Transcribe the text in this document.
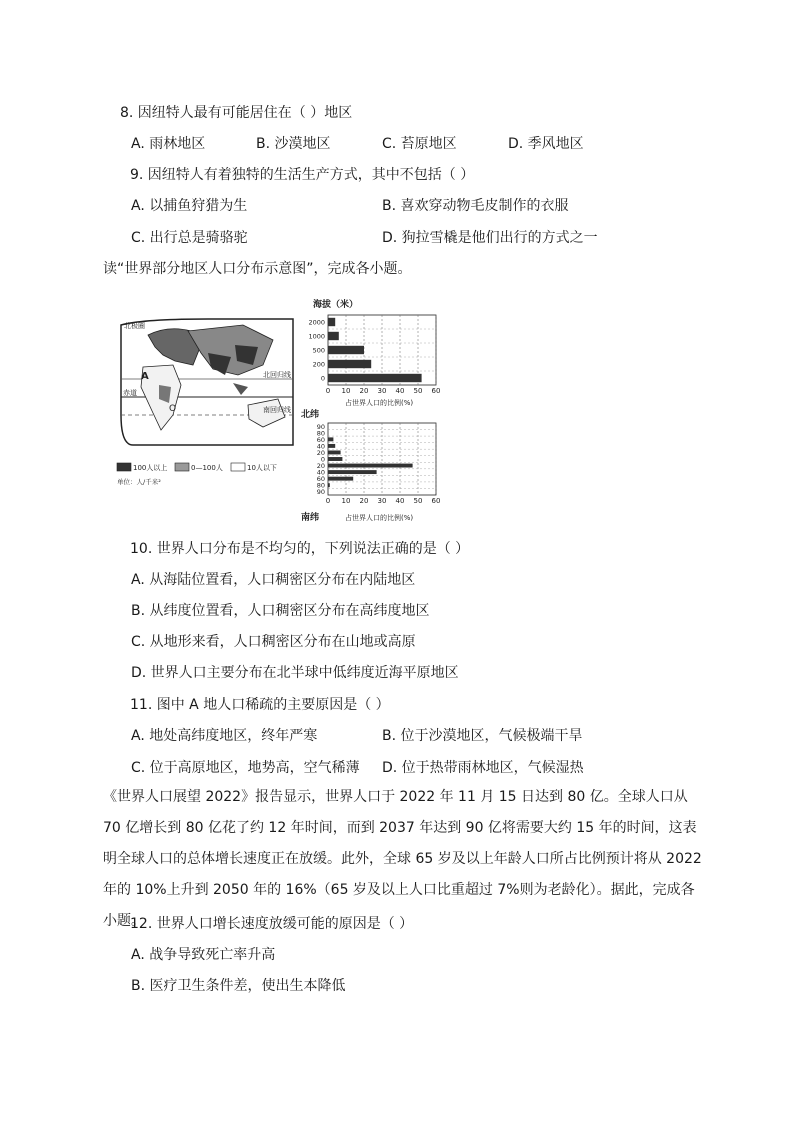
8. 因纽特人最有可能居住在（ ）地区
A. 雨林地区	B. 沙漠地区	C. 苔原地区	D. 季风地区
9. 因纽特人有着独特的生活生产方式，其中不包括（ ）
A. 以捕鱼狩猎为生	B. 喜欢穿动物毛皮制作的衣服
C. 出行总是骑骆驼	D. 狗拉雪橇是他们出行的方式之一
读“世界部分地区人口分布示意图”，完成各小题。
北极圈
北回归线
赤道
南回归线
A
O
100人以上	0—100人	10人以下
单位：人/千米²
海拔（米）
0
200
500
1000
2000
0 10 20 30 40 50 60
占世界人口的比例(%)
北纬
90
80
60
40
20
0
20
40
60
80
90
0 10 20 30 40 50 60
南纬	占世界人口的比例(%)
10. 世界人口分布是不均匀的，下列说法正确的是（ ）
A. 从海陆位置看，人口稠密区分布在内陆地区
B. 从纬度位置看，人口稠密区分布在高纬度地区
C. 从地形来看，人口稠密区分布在山地或高原
D. 世界人口主要分布在北半球中低纬度近海平原地区
11. 图中 A 地人口稀疏的主要原因是（ ）
A. 地处高纬度地区，终年严寒	B. 位于沙漠地区，气候极端干旱
C. 位于高原地区，地势高，空气稀薄 D. 位于热带雨林地区，气候湿热
《世界人口展望 2022》报告显示，世界人口于 2022 年 11 月 15 日达到 80 亿。全球人口从 70 亿增长到 80 亿花了约 12 年时间，而到 2037 年达到 90 亿将需要大约 15 年的时间，这表明全球人口的总体增长速度正在放缓。此外，全球 65 岁及以上年龄人口所占比例预计将从 2022 年的 10%上升到 2050 年的 16%（65 岁及以上人口比重超过 7%则为老龄化）。据此，完成各小题。
12. 世界人口增长速度放缓可能的原因是（ ）
A. 战争导致死亡率升高
B. 医疗卫生条件差，使出生本降低
